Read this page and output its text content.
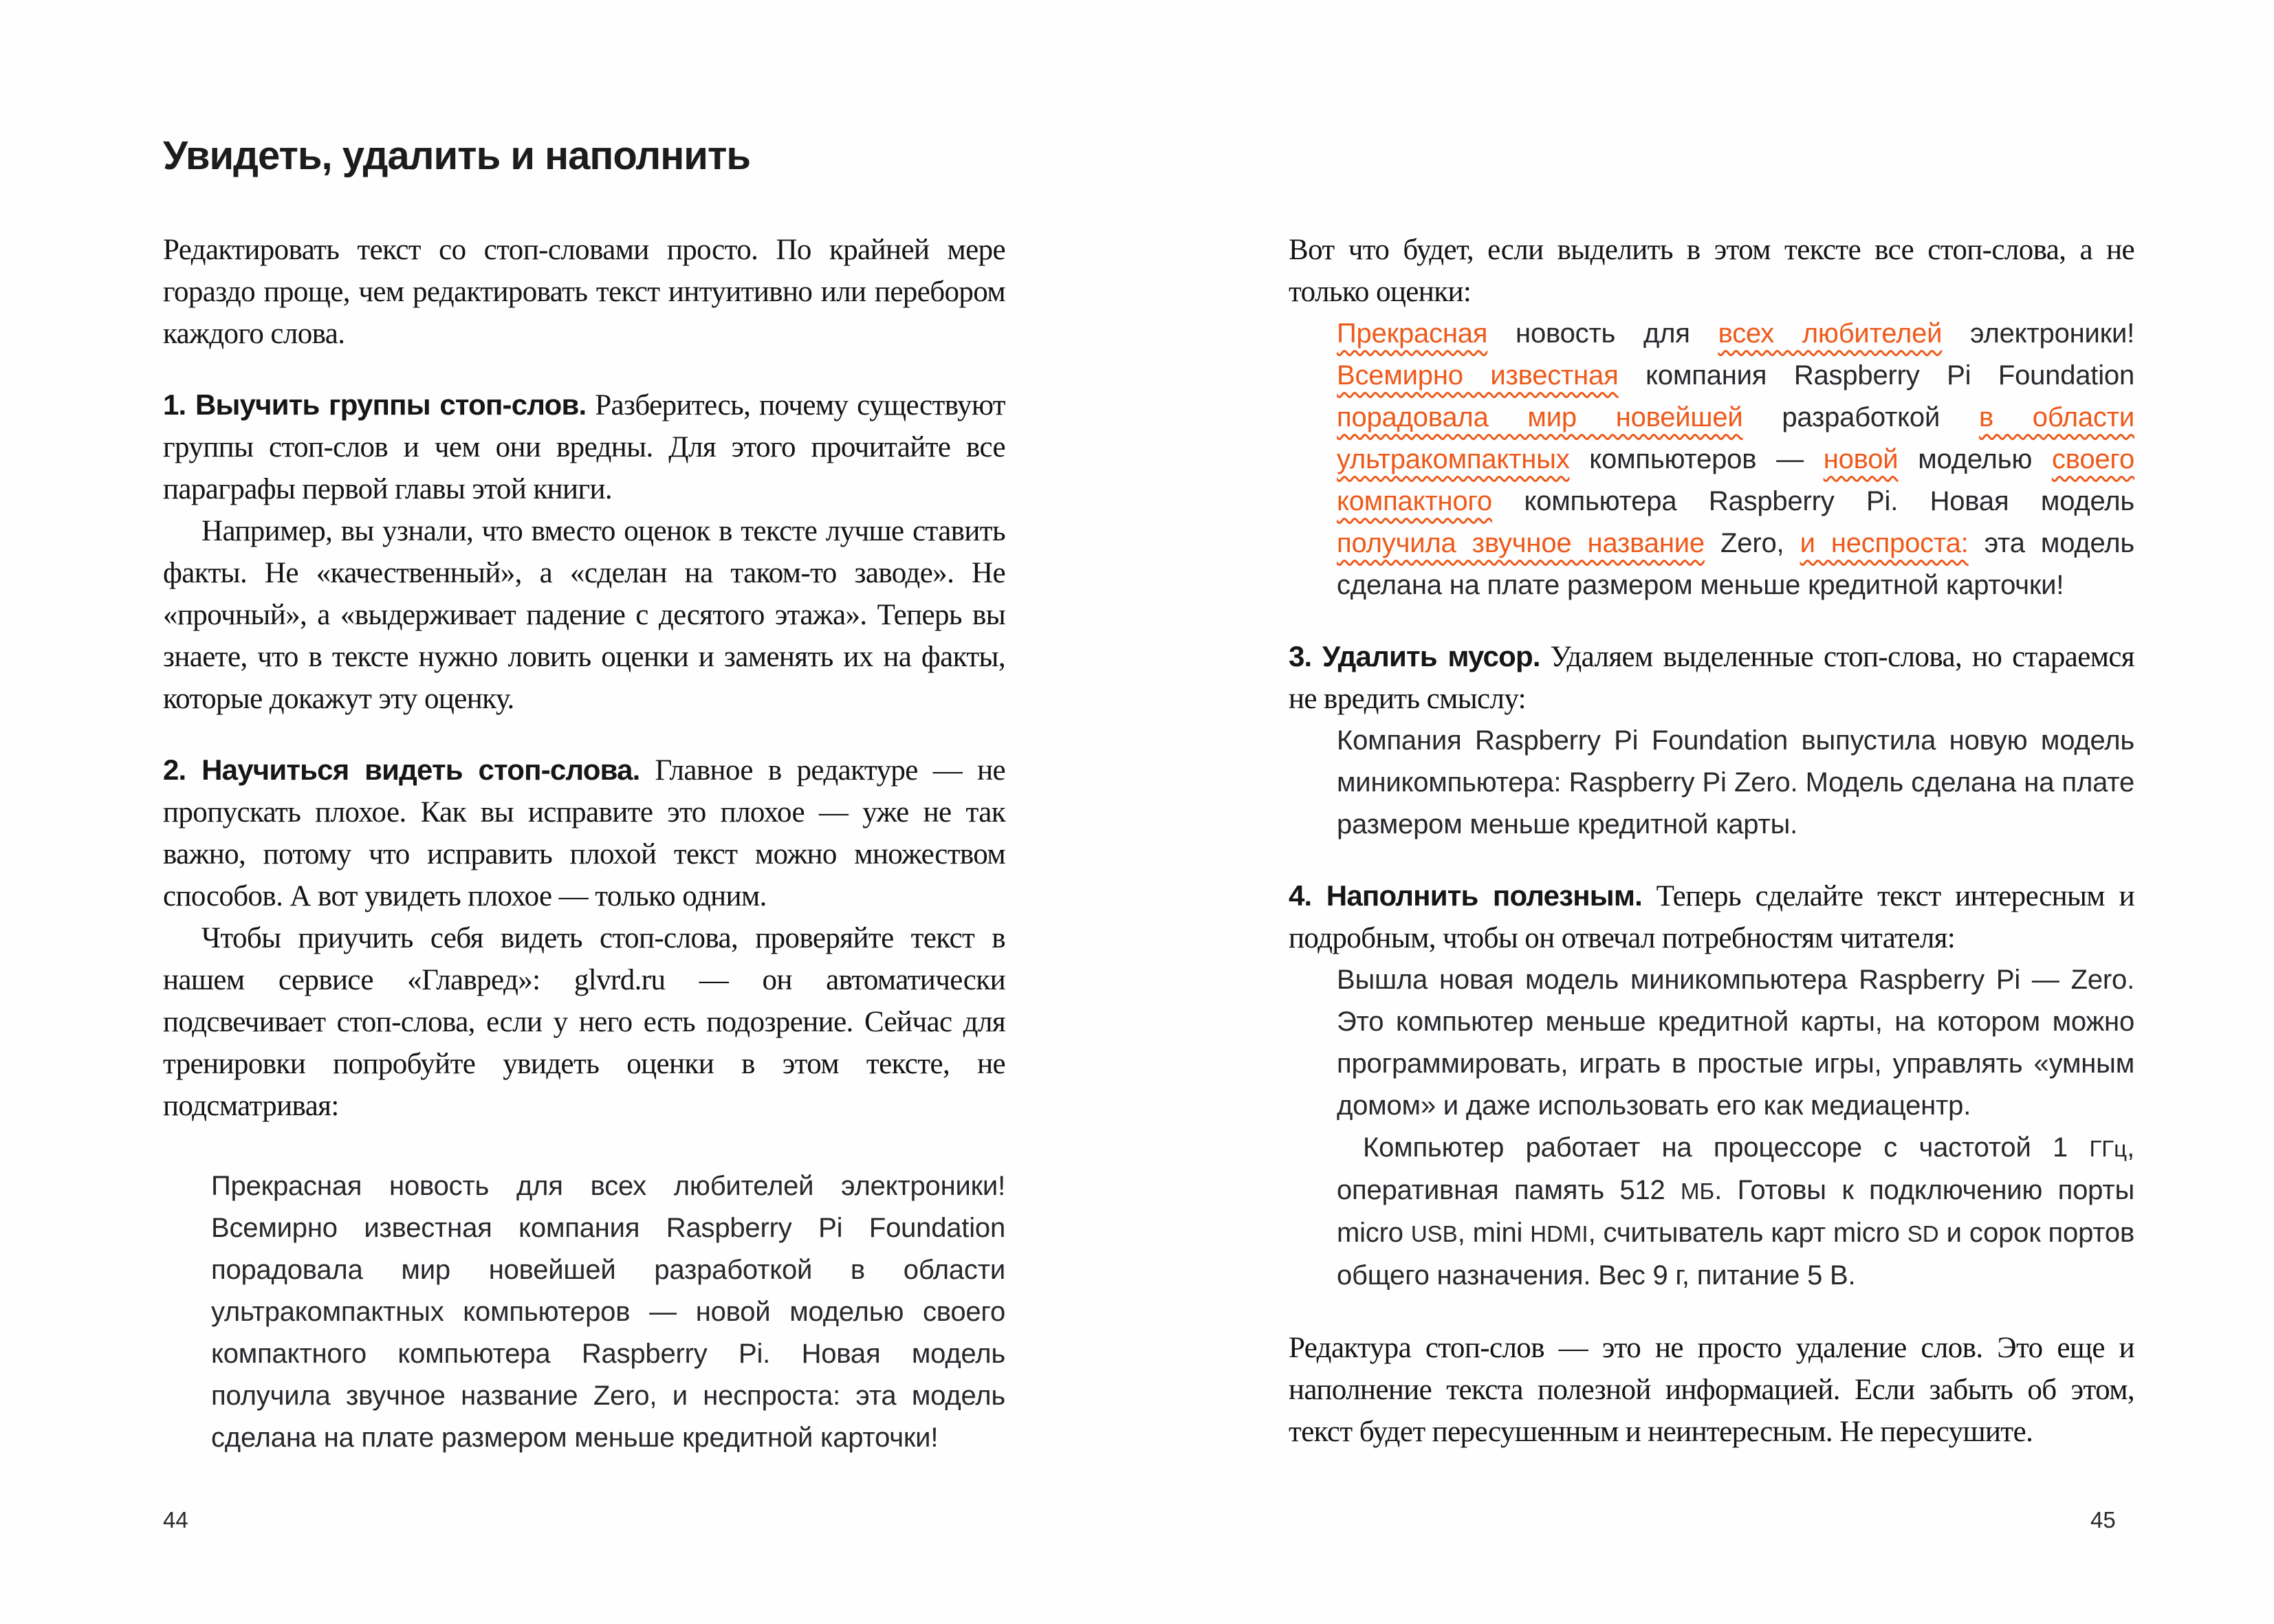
Увидеть, удалить и наполнить

Редактировать текст со стоп-словами просто. По крайней мере гораздо проще, чем редактировать текст интуитивно или перебором каждого слова.

1. Выучить группы стоп-слов. Разберитесь, почему существуют группы стоп-слов и чем они вредны. Для этого прочитайте все параграфы первой главы этой книги.

Например, вы узнали, что вместо оценок в тексте лучше ставить факты. Не «качественный», а «сделан на таком-то заводе». Не «прочный», а «выдерживает падение с десятого этажа». Теперь вы знаете, что в тексте нужно ловить оценки и заменять их на факты, которые докажут эту оценку.

2. Научиться видеть стоп-слова. Главное в редактуре — не пропускать плохое. Как вы исправите это плохое — уже не так важно, потому что исправить плохой текст можно множеством способов. А вот увидеть плохое — только одним.

Чтобы приучить себя видеть стоп-слова, проверяйте текст в нашем сервисе «Главред»: glvrd.ru — он автоматически подсвечивает стоп-слова, если у него есть подозрение. Сейчас для тренировки попробуйте увидеть оценки в этом тексте, не подсматривая:

Прекрасная новость для всех любителей электроники! Всемирно известная компания Raspberry Pi Foundation порадовала мир новейшей разработкой в области ультракомпактных компьютеров — новой моделью своего компактного компьютера Raspberry Pi. Новая модель получила звучное название Zero, и неспроста: эта модель сделана на плате размером меньше кредитной карточки!

Вот что будет, если выделить в этом тексте все стоп-слова, а не только оценки:

Прекрасная новость для всех любителей электроники! Всемирно известная компания Raspberry Pi Foundation порадовала мир новейшей разработкой в области ультракомпактных компьютеров — новой моделью своего компактного компьютера Raspberry Pi. Новая модель получила звучное название Zero, и неспроста: эта модель сделана на плате размером меньше кредитной карточки!

3. Удалить мусор. Удаляем выделенные стоп-слова, но стараемся не вредить смыслу:

Компания Raspberry Pi Foundation выпустила новую модель миникомпьютера: Raspberry Pi Zero. Модель сделана на плате размером меньше кредитной карты.

4. Наполнить полезным. Теперь сделайте текст интересным и подробным, чтобы он отвечал потребностям читателя:

Вышла новая модель миникомпьютера Raspberry Pi — Zero. Это компьютер меньше кредитной карты, на котором можно программировать, играть в простые игры, управлять «умным домом» и даже использовать его как медиацентр.

Компьютер работает на процессоре с частотой 1 ГГц, оперативная память 512 МБ. Готовы к подключению порты micro USB, mini HDMI, считыватель карт micro SD и сорок портов общего назначения. Вес 9 г, питание 5 В.

Редактура стоп-слов — это не просто удаление слов. Это еще и наполнение текста полезной информацией. Если забыть об этом, текст будет пересушенным и неинтересным. Не пересушите.

44	45
